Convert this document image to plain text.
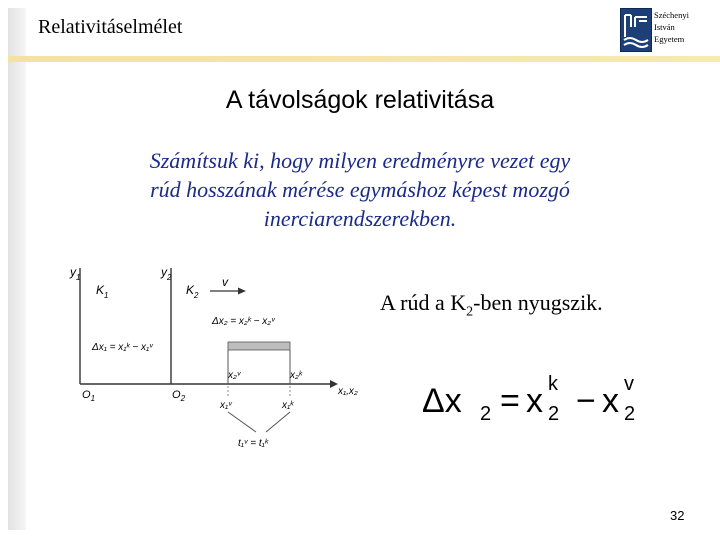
Relativitáselmélet
Széchenyi
István
Egyetem
A távolságok relativitása
Számítsuk ki, hogy milyen eredményre vezet egy
rúd hosszának mérése egymáshoz képest mozgó
inerciarendszerekben.
$y_1$	$y_2$
$K_1$	$K_2$
v
Δx₂ = x₂ᵏ − x₂ᵛ
Δx₁ = x₁ᵏ − x₁ᵛ
x₂ᵛ	x₂ᵏ
$O_1$	$O_2$
x₁,x₂
x₁ᵛ	x₁ᵏ
t₁ᵛ = t₁ᵏ
A rúd a $K_2$-ben nyugszik.
Δx 2 = x k
2 − x v
2
32
